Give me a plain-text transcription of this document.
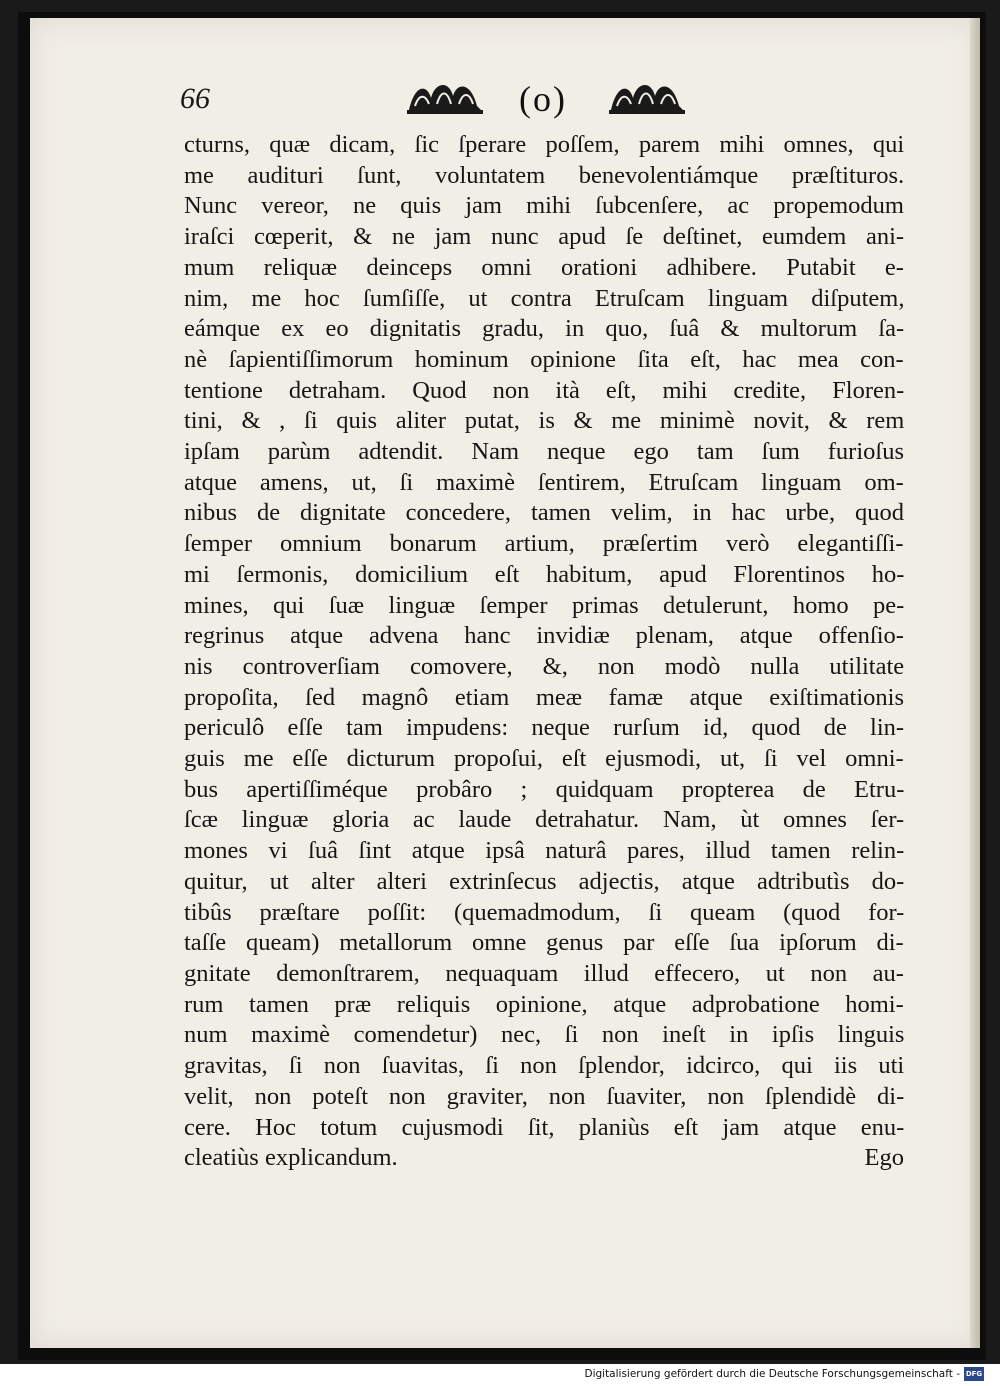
66	(o)
cturns, quæ dicam, ſic ſperare poſſem, parem mihi omnes, qui
me audituri ſunt, voluntatem benevolentiámque præſtituros.
Nunc vereor, ne quis jam mihi ſubcenſere, ac propemodum
iraſci cœperit, & ne jam nunc apud ſe deſtinet, eumdem ani-
mum reliquæ deinceps omni orationi adhibere. Putabit e-
nim, me hoc ſumſiſſe, ut contra Etruſcam linguam diſputem,
eámque ex eo dignitatis gradu, in quo, ſuâ & multorum ſa-
nè ſapientiſſimorum hominum opinione ſita eſt, hac mea con-
tentione detraham. Quod non ità eſt, mihi credite, Floren-
tini, & , ſi quis aliter putat, is & me minimè novit, & rem
ipſam parùm adtendit. Nam neque ego tam ſum furioſus
atque amens, ut, ſi maximè ſentirem, Etruſcam linguam om-
nibus de dignitate concedere, tamen velim, in hac urbe, quod
ſemper omnium bonarum artium, præſertim verò elegantiſſi-
mi ſermonis, domicilium eſt habitum, apud Florentinos ho-
mines, qui ſuæ linguæ ſemper primas detulerunt, homo pe-
regrinus atque advena hanc invidiæ plenam, atque offenſio-
nis controverſiam comovere, &, non modò nulla utilitate
propoſita, ſed magnô etiam meæ famæ atque exiſtimationis
periculô eſſe tam impudens: neque rurſum id, quod de lin-
guis me eſſe dicturum propoſui, eſt ejusmodi, ut, ſi vel omni-
bus apertiſſiméque probâro ; quidquam propterea de Etru-
ſcæ linguæ gloria ac laude detrahatur. Nam, ùt omnes ſer-
mones vi ſuâ ſint atque ipsâ naturâ pares, illud tamen relin-
quitur, ut alter alteri extrinſecus adjectis, atque adtributìs do-
tibûs præſtare poſſit: (quemadmodum, ſi queam (quod for-
taſſe queam) metallorum omne genus par eſſe ſua ipſorum di-
gnitate demonſtrarem, nequaquam illud effecero, ut non au-
rum tamen præ reliquis opinione, atque adprobatione homi-
num maximè comendetur) nec, ſi non ineſt in ipſis linguis
gravitas, ſi non ſuavitas, ſi non ſplendor, idcirco, qui iis uti
velit, non poteſt non graviter, non ſuaviter, non ſplendidè di-
cere. Hoc totum cujusmodi ſit, planiùs eſt jam atque enu-
cleatiùs explicandum.	Ego
Digitalisierung gefördert durch die Deutsche Forschungsgemeinschaft - DFG
